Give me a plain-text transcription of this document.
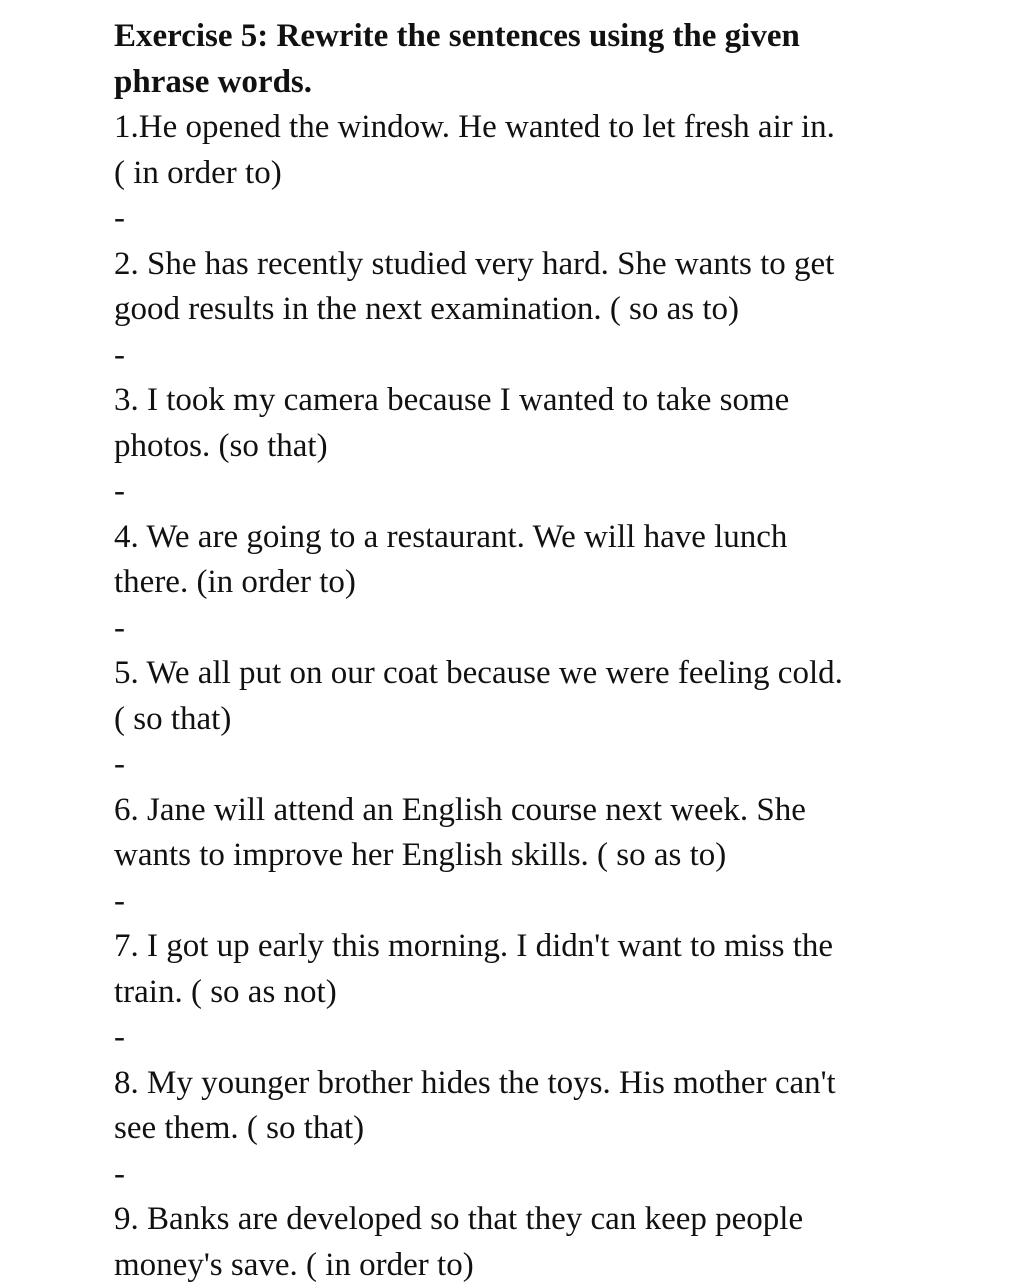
Exercise 5: Rewrite the sentences using the given
phrase words.
1.He opened the window. He wanted to let fresh air in.
( in order to)
-
2. She has recently studied very hard. She wants to get
good results in the next examination. ( so as to)
-
3. I took my camera because I wanted to take some
photos. (so that)
-
4. We are going to a restaurant. We will have lunch
there. (in order to)
-
5. We all put on our coat because we were feeling cold.
( so that)
-
6. Jane will attend an English course next week. She
wants to improve her English skills. ( so as to)
-
7. I got up early this morning. I didn't want to miss the
train. ( so as not)
-
8. My younger brother hides the toys. His mother can't
see them. ( so that)
-
9. Banks are developed so that they can keep people
money's save. ( in order to)
